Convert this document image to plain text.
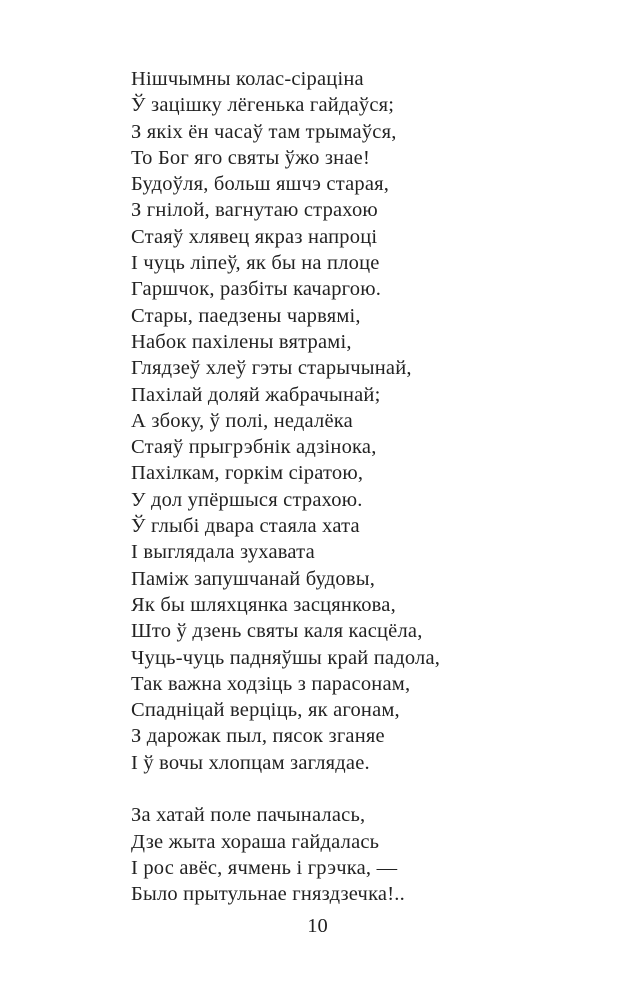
Нішчымны колас-сіраціна
Ў зацішку лёгенька гайдаўся;
З якіх ён часаў там трымаўся,
То Бог яго святы ўжо знае!
Будоўля, больш яшчэ старая,
З гнілой, вагнутаю страхою
Стаяў хлявец якраз напроці
І чуць ліпеў, як бы на плоце
Гаршчок, разбіты качаргою.
Стары, паедзены чарвямі,
Набок пахілены вятрамі,
Глядзеў хлеў гэты старычынай,
Пахілай доляй жабрачынай;
А збоку, ў полі, недалёка
Стаяў прыгрэбнік адзінока,
Пахілкам, горкім сіратою,
У дол упёршыся страхою.
Ў глыбі двара стаяла хата
І выглядала зухавата
Паміж запушчанай будовы,
Як бы шляхцянка засцянкова,
Што ў дзень святы каля касцёла,
Чуць-чуць падняўшы край падола,
Так важна ходзіць з парасонам,
Спадніцай верціць, як агонам,
З дарожак пыл, пясок зганяе
І ў вочы хлопцам заглядае.
За хатай поле пачыналась,
Дзе жыта хораша гайдалась
І рос авёс, ячмень і грэчка, —
Было прытульнае гняздзечка!..
10
